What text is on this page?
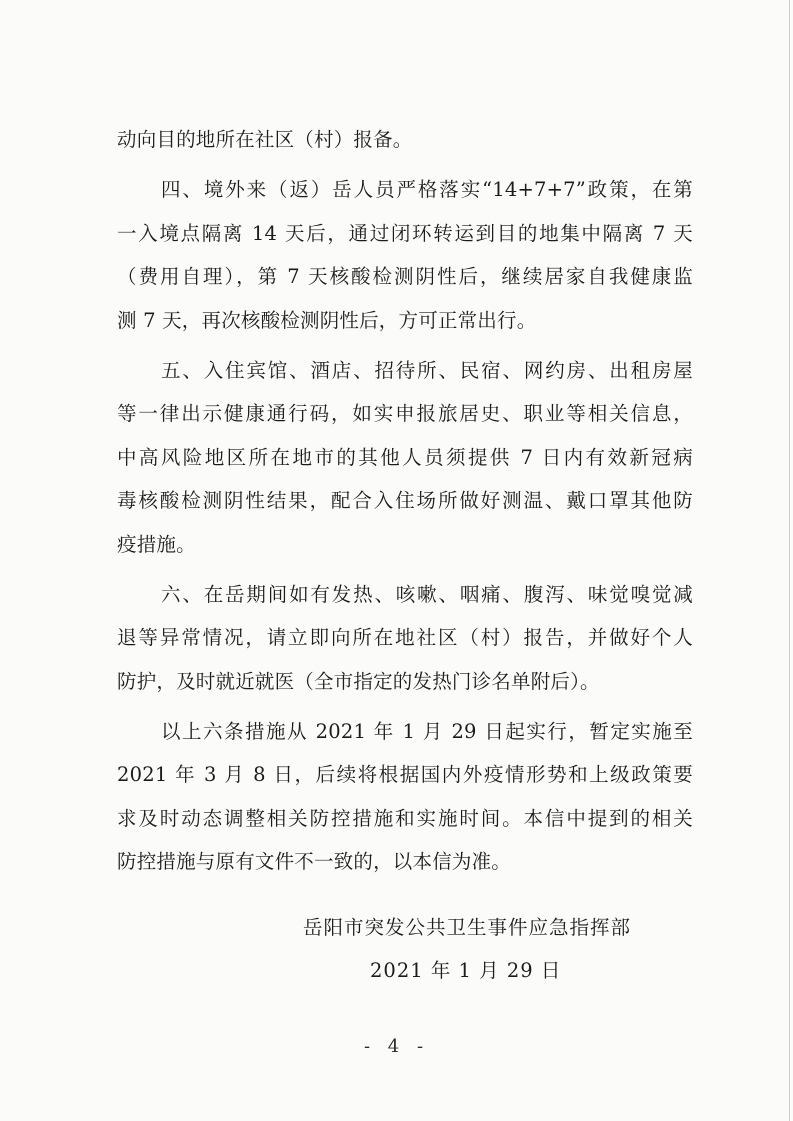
动向目的地所在社区（村）报备。
四、境外来（返）岳人员严格落实“14+7+7”政策，在第
一入境点隔离 14 天后，通过闭环转运到目的地集中隔离 7 天
（费用自理），第 7 天核酸检测阴性后，继续居家自我健康监
测 7 天，再次核酸检测阴性后，方可正常出行。
五、入住宾馆、酒店、招待所、民宿、网约房、出租房屋
等一律出示健康通行码，如实申报旅居史、职业等相关信息，
中高风险地区所在地市的其他人员须提供 7 日内有效新冠病
毒核酸检测阴性结果，配合入住场所做好测温、戴口罩其他防
疫措施。
六、在岳期间如有发热、咳嗽、咽痛、腹泻、味觉嗅觉减
退等异常情况，请立即向所在地社区（村）报告，并做好个人
防护，及时就近就医（全市指定的发热门诊名单附后）。
以上六条措施从 2021 年 1 月 29 日起实行，暂定实施至
2021 年 3 月 8 日，后续将根据国内外疫情形势和上级政策要
求及时动态调整相关防控措施和实施时间。本信中提到的相关
防控措施与原有文件不一致的，以本信为准。
岳阳市突发公共卫生事件应急指挥部
2021 年 1 月 29 日
- 4 -
